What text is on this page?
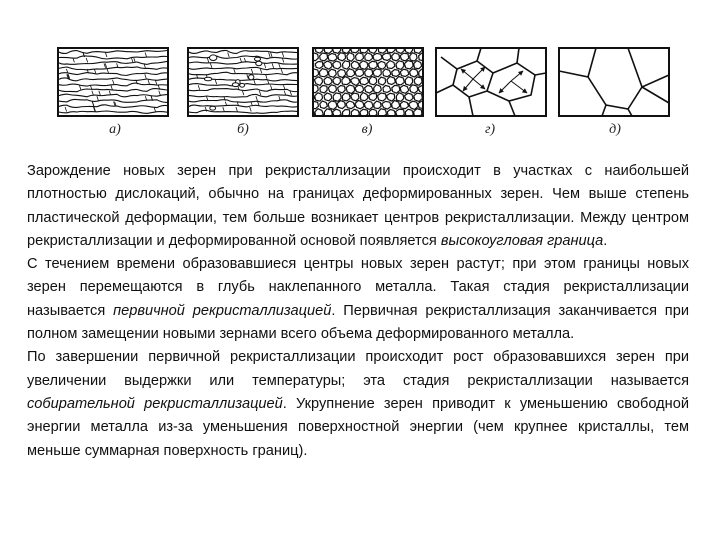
а)	б)	в)	г)	д)

Зарождение новых зерен при рекристаллизации происходит в участках с наибольшей плотностью дислокаций, обычно на границах деформированных зерен. Чем выше степень пластической деформации, тем больше возникает центров рекристаллизации. Между центром рекристаллизации и деформированной основой появляется высокоугловая граница.

С течением времени образовавшиеся центры новых зерен растут; при этом границы новых зерен перемещаются в глубь наклепанного металла. Такая стадия рекристаллизации называется первичной рекристаллизацией. Первичная рекристаллизация заканчивается при полном замещении новыми зернами всего объема деформированного металла.

По завершении первичной рекристаллизации происходит рост образовавшихся зерен при увеличении выдержки или температуры; эта стадия рекристаллизации называется собирательной рекристаллизацией. Укрупнение зерен приводит к уменьшению свободной энергии металла из-за уменьшения поверхностной энергии (чем крупнее кристаллы, тем меньше суммарная поверхность границ).
